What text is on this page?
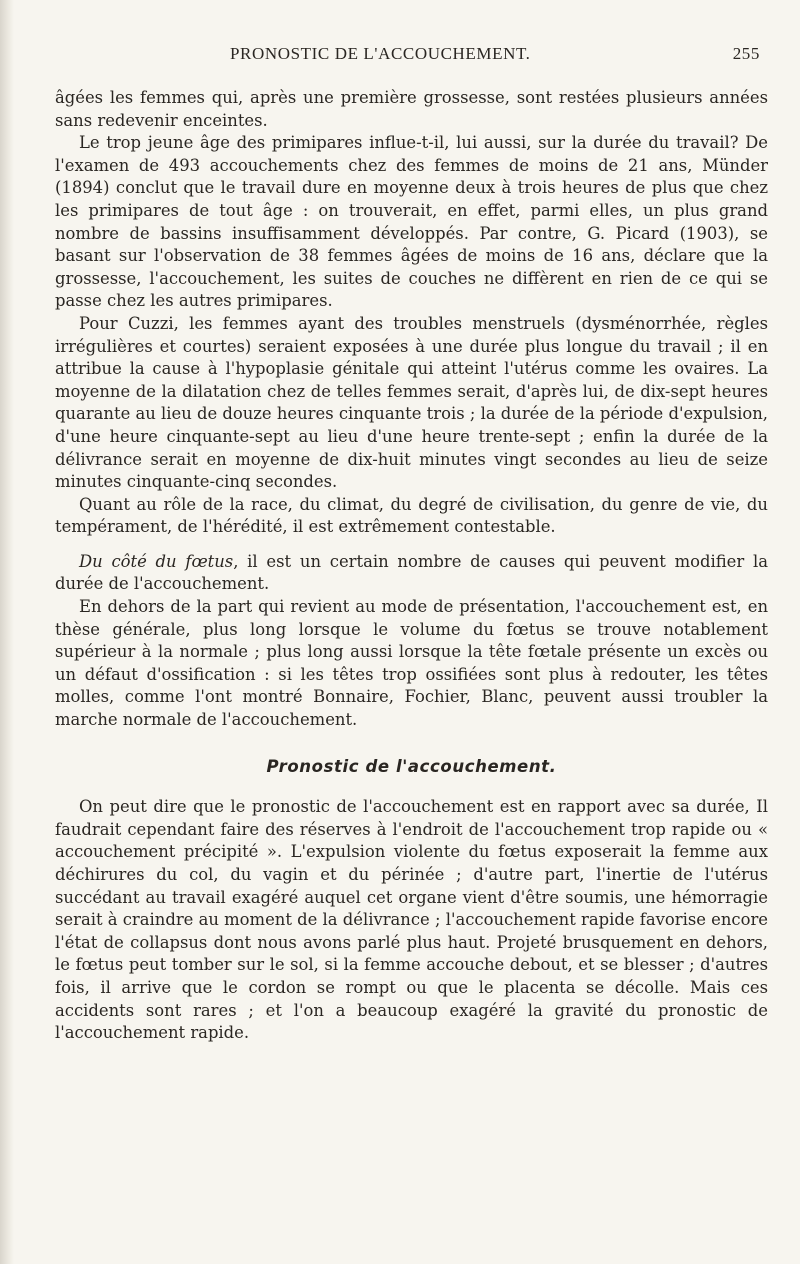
PRONOSTIC DE L'ACCOUCHEMENT.	255

âgées les femmes qui, après une première grossesse, sont restées plusieurs années sans redevenir enceintes.

Le trop jeune âge des primipares influe-t-il, lui aussi, sur la durée du travail? De l'examen de 493 accouchements chez des femmes de moins de 21 ans, Münder (1894) conclut que le travail dure en moyenne deux à trois heures de plus que chez les primipares de tout âge : on trouverait, en effet, parmi elles, un plus grand nombre de bassins insuffisamment développés. Par contre, G. Picard (1903), se basant sur l'observation de 38 femmes âgées de moins de 16 ans, déclare que la grossesse, l'accouchement, les suites de couches ne diffèrent en rien de ce qui se passe chez les autres primipares.

Pour Cuzzi, les femmes ayant des troubles menstruels (dysménorrhée, règles irrégulières et courtes) seraient exposées à une durée plus longue du travail ; il en attribue la cause à l'hypoplasie génitale qui atteint l'utérus comme les ovaires. La moyenne de la dilatation chez de telles femmes serait, d'après lui, de dix-sept heures quarante au lieu de douze heures cinquante trois ; la durée de la période d'expulsion, d'une heure cinquante-sept au lieu d'une heure trente-sept ; enfin la durée de la délivrance serait en moyenne de dix-huit minutes vingt secondes au lieu de seize minutes cinquante-cinq secondes.

Quant au rôle de la race, du climat, du degré de civilisation, du genre de vie, du tempérament, de l'hérédité, il est extrêmement contestable.

Du côté du fœtus, il est un certain nombre de causes qui peuvent modifier la durée de l'accouchement.

En dehors de la part qui revient au mode de présentation, l'accouchement est, en thèse générale, plus long lorsque le volume du fœtus se trouve notablement supérieur à la normale ; plus long aussi lorsque la tête fœtale présente un excès ou un défaut d'ossification : si les têtes trop ossifiées sont plus à redouter, les têtes molles, comme l'ont montré Bonnaire, Fochier, Blanc, peuvent aussi troubler la marche normale de l'accouchement.

Pronostic de l'accouchement.

On peut dire que le pronostic de l'accouchement est en rapport avec sa durée, Il faudrait cependant faire des réserves à l'endroit de l'accouchement trop rapide ou « accouchement précipité ». L'expulsion violente du fœtus exposerait la femme aux déchirures du col, du vagin et du périnée ; d'autre part, l'inertie de l'utérus succédant au travail exagéré auquel cet organe vient d'être soumis, une hémorragie serait à craindre au moment de la délivrance ; l'accouchement rapide favorise encore l'état de collapsus dont nous avons parlé plus haut. Projeté brusquement en dehors, le fœtus peut tomber sur le sol, si la femme accouche debout, et se blesser ; d'autres fois, il arrive que le cordon se rompt ou que le placenta se décolle. Mais ces accidents sont rares ; et l'on a beaucoup exagéré la gravité du pronostic de l'accouchement rapide.
